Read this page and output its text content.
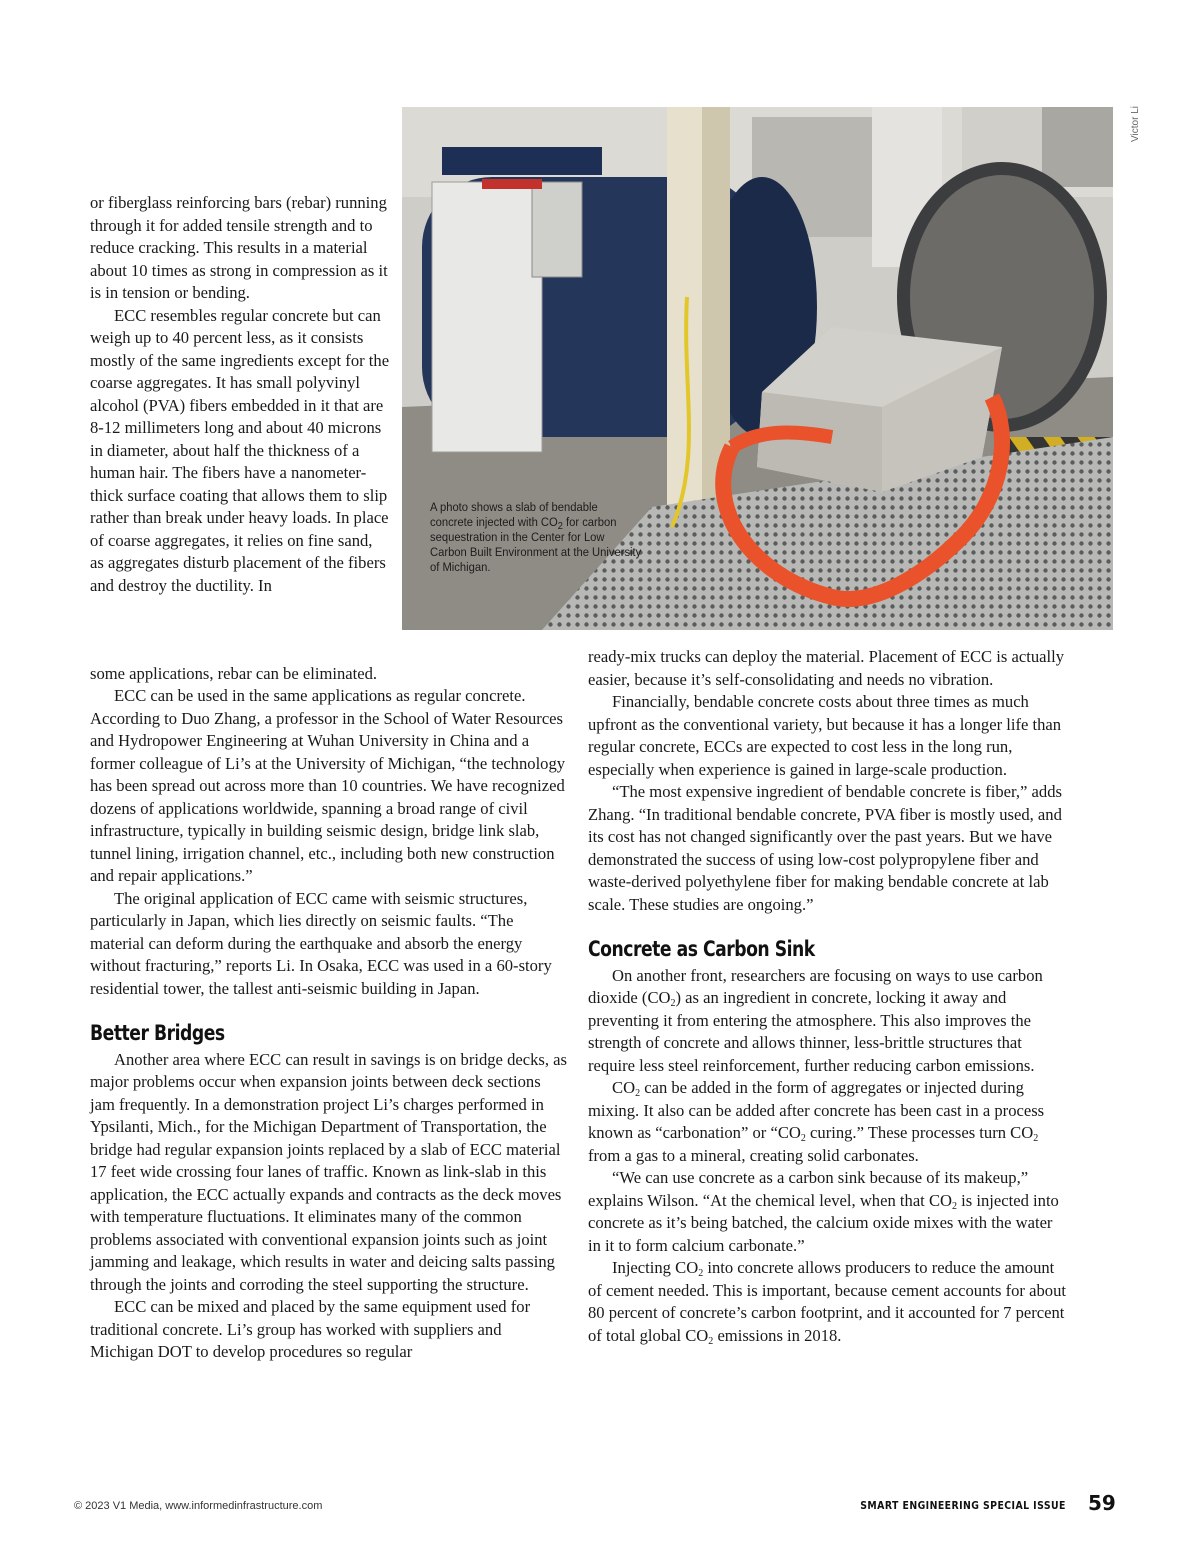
Victor Li
A photo shows a slab of bendable concrete injected with $CO_2$ for carbon sequestration in the Center for Low Carbon Built Environment at the University of Michigan.

or fiberglass reinforcing bars (rebar) running through it for added tensile strength and to reduce cracking. This results in a material about 10 times as strong in compression as it is in tension or bending.

ECC resembles regular concrete but can weigh up to 40 percent less, as it consists mostly of the same ingredients except for the coarse aggregates. It has small polyvinyl alcohol (PVA) fibers embedded in it that are 8-12 millimeters long and about 40 microns in diameter, about half the thickness of a human hair. The fibers have a nanometer-thick surface coating that allows them to slip rather than break under heavy loads. In place of coarse aggregates, it relies on fine sand, as aggregates disturb placement of the fibers and destroy the ductility. In

some applications, rebar can be eliminated.

ECC can be used in the same applications as regular concrete. According to Duo Zhang, a professor in the School of Water Resources and Hydropower Engineering at Wuhan University in China and a former colleague of Li’s at the University of Michigan, “the technology has been spread out across more than 10 countries. We have recognized dozens of applications worldwide, spanning a broad range of civil infrastructure, typically in building seismic design, bridge link slab, tunnel lining, irrigation channel, etc., including both new construction and repair applications.”

The original application of ECC came with seismic structures, particularly in Japan, which lies directly on seismic faults. “The material can deform during the earthquake and absorb the energy without fracturing,” reports Li. In Osaka, ECC was used in a 60-story residential tower, the tallest anti-seismic building in Japan.

Better Bridges

Another area where ECC can result in savings is on bridge decks, as major problems occur when expansion joints between deck sections jam frequently. In a demonstration project Li’s charges performed in Ypsilanti, Mich., for the Michigan Department of Transportation, the bridge had regular expansion joints replaced by a slab of ECC material 17 feet wide crossing four lanes of traffic. Known as link-slab in this application, the ECC actually expands and contracts as the deck moves with temperature fluctuations. It eliminates many of the common problems associated with conventional expansion joints such as joint jamming and leakage, which results in water and deicing salts passing through the joints and corroding the steel supporting the structure.

ECC can be mixed and placed by the same equipment used for traditional concrete. Li’s group has worked with suppliers and Michigan DOT to develop procedures so regular

ready-mix trucks can deploy the material. Placement of ECC is actually easier, because it’s self-consolidating and needs no vibration.

Financially, bendable concrete costs about three times as much upfront as the conventional variety, but because it has a longer life than regular concrete, ECCs are expected to cost less in the long run, especially when experience is gained in large-scale production.

“The most expensive ingredient of bendable concrete is fiber,” adds Zhang. “In traditional bendable concrete, PVA fiber is mostly used, and its cost has not changed significantly over the past years. But we have demonstrated the success of using low-cost polypropylene fiber and waste-derived polyethylene fiber for making bendable concrete at lab scale. These studies are ongoing.”

Concrete as Carbon Sink

On another front, researchers are focusing on ways to use carbon dioxide $(CO_2)$ as an ingredient in concrete, locking it away and preventing it from entering the atmosphere. This also improves the strength of concrete and allows thinner, less-brittle structures that require less steel reinforcement, further reducing carbon emissions.

$CO_2$ can be added in the form of aggregates or injected during mixing. It also can be added after concrete has been cast in a process known as “carbonation” or “$CO_2$ curing.” These processes turn $CO_2$ from a gas to a mineral, creating solid carbonates.

“We can use concrete as a carbon sink because of its makeup,” explains Wilson. “At the chemical level, when that $CO_2$ is injected into concrete as it’s being batched, the calcium oxide mixes with the water in it to form calcium carbonate.”

Injecting $CO_2$ into concrete allows producers to reduce the amount of cement needed. This is important, because cement accounts for about 80 percent of concrete’s carbon footprint, and it accounted for 7 percent of total global $CO_2$ emissions in 2018.

© 2023 V1 Media, www.informedinfrastructure.com	SMART ENGINEERING SPECIAL ISSUE 59
